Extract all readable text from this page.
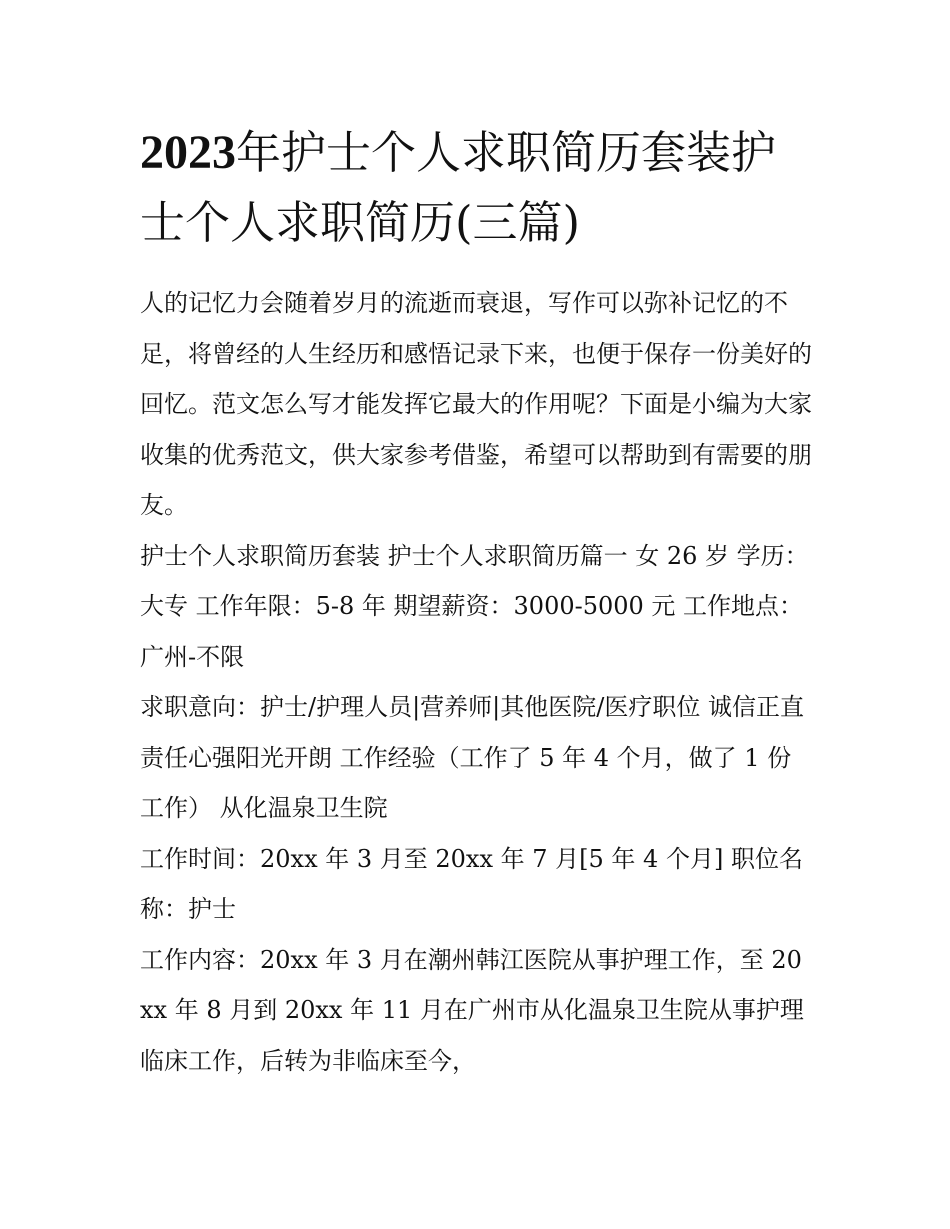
2023年护士个人求职简历套装护士个人求职简历(三篇)

人的记忆力会随着岁月的流逝而衰退，写作可以弥补记忆的不足，将曾经的人生经历和感悟记录下来，也便于保存一份美好的回忆。范文怎么写才能发挥它最大的作用呢？下面是小编为大家收集的优秀范文，供大家参考借鉴，希望可以帮助到有需要的朋友。

护士个人求职简历套装 护士个人求职简历篇一 女 26 岁 学历：大专 工作年限：5-8 年 期望薪资：3000-5000 元 工作地点：广州-不限

求职意向：护士/护理人员|营养师|其他医院/医疗职位 诚信正直责任心强阳光开朗 工作经验（工作了 5 年 4 个月，做了 1 份工作） 从化温泉卫生院

工作时间：20xx 年 3 月至 20xx 年 7 月[5 年 4 个月] 职位名称：护士

工作内容：20xx 年 3 月在潮州韩江医院从事护理工作，至 20xx 年 8 月到 20xx 年 11 月在广州市从化温泉卫生院从事护理临床工作，后转为非临床至今，
